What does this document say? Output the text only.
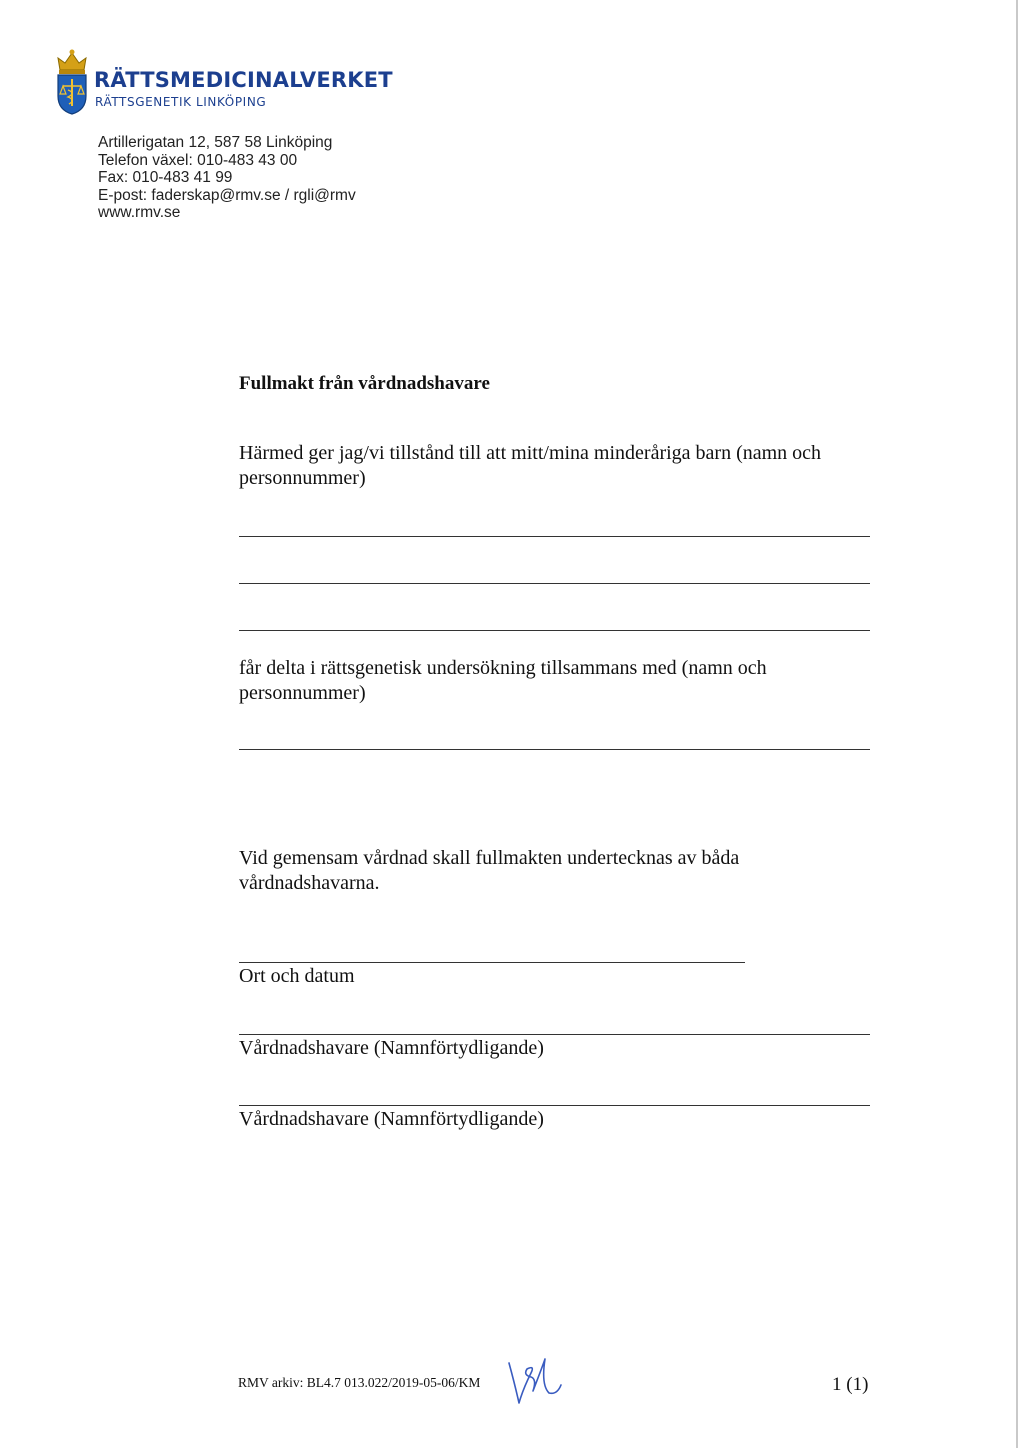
RÄTTSMEDICINALVERKET
RÄTTSGENETIK LINKÖPING
Artillerigatan 12, 587 58 Linköping
Telefon växel: 010-483 43 00
Fax: 010-483 41 99
E-post: faderskap@rmv.se / rgli@rmv
www.rmv.se
Fullmakt från vårdnadshavare
Härmed ger jag/vi tillstånd till att mitt/mina minderåriga barn (namn och personnummer)
får delta i rättsgenetisk undersökning tillsammans med (namn och personnummer)
Vid gemensam vårdnad skall fullmakten undertecknas av båda vårdnadshavarna.
Ort och datum
Vårdnadshavare (Namnförtydligande)
Vårdnadshavare (Namnförtydligande)
RMV arkiv: BL4.7 013.022/2019-05-06/KM	1 (1)
